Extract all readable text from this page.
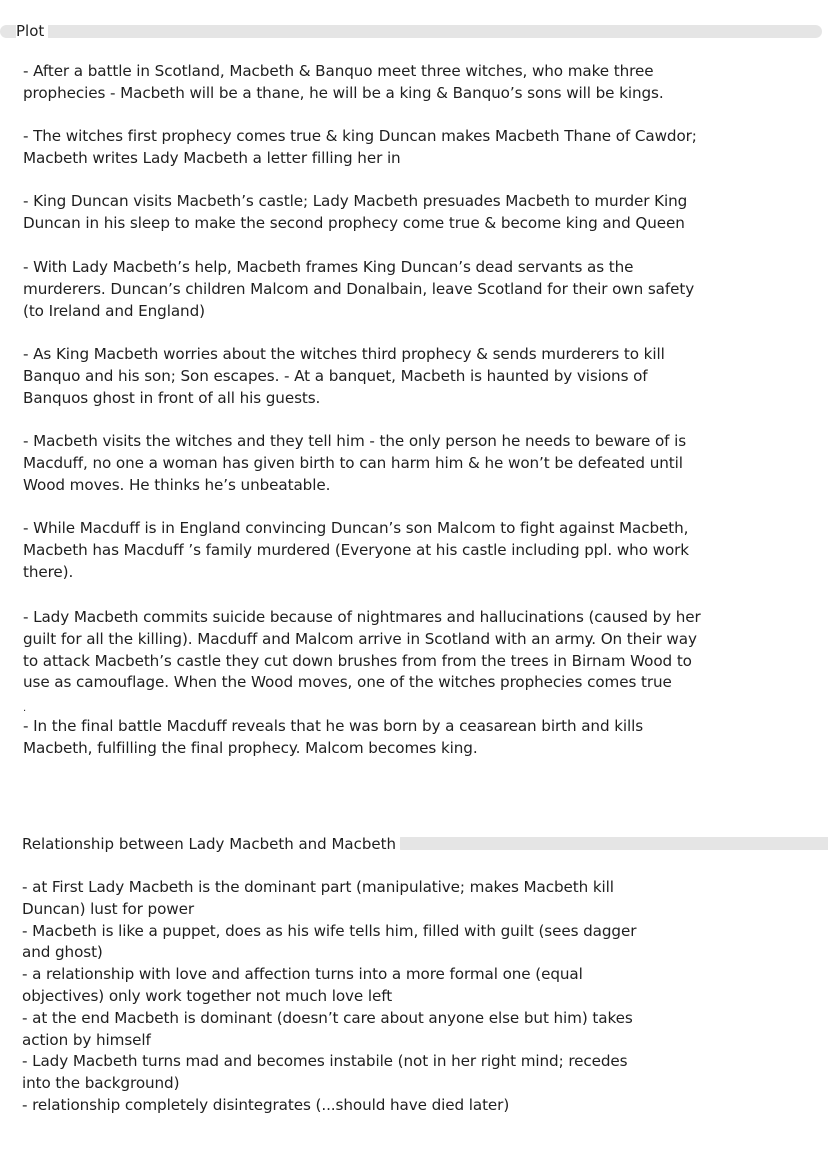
Plot
- After a battle in Scotland, Macbeth & Banquo meet three witches, who make three
prophecies - Macbeth will be a thane, he will be a king & Banquo’s sons will be kings.
- The witches first prophecy comes true & king Duncan makes Macbeth Thane of Cawdor;
Macbeth writes Lady Macbeth a letter filling her in
- King Duncan visits Macbeth’s castle; Lady Macbeth presuades Macbeth to murder King
Duncan in his sleep to make the second prophecy come true & become king and Queen
- With Lady Macbeth’s help, Macbeth frames King Duncan’s dead servants as the
murderers. Duncan’s children Malcom and Donalbain, leave Scotland for their own safety
(to Ireland and England)
- As King Macbeth worries about the witches third prophecy & sends murderers to kill
Banquo and his son; Son escapes. - At a banquet, Macbeth is haunted by visions of
Banquos ghost in front of all his guests.
- Macbeth visits the witches and they tell him - the only person he needs to beware of is
Macduff, no one a woman has given birth to can harm him & he won’t be defeated until
Wood moves. He thinks he’s unbeatable.
- While Macduff is in England convincing Duncan’s son Malcom to fight against Macbeth,
Macbeth has Macduff ’s family murdered (Everyone at his castle including ppl. who work
there).
- Lady Macbeth commits suicide because of nightmares and hallucinations (caused by her
guilt for all the killing). Macduff and Malcom arrive in Scotland with an army. On their way
to attack Macbeth’s castle they cut down brushes from from the trees in Birnam Wood to
use as camouflage. When the Wood moves, one of the witches prophecies comes true
.
- In the final battle Macduff reveals that he was born by a ceasarean birth and kills
Macbeth, fulfilling the final prophecy. Malcom becomes king.
Relationship between Lady Macbeth and Macbeth
- at First Lady Macbeth is the dominant part (manipulative; makes Macbeth kill
Duncan) lust for power
- Macbeth is like a puppet, does as his wife tells him, filled with guilt (sees dagger
and ghost)
- a relationship with love and affection turns into a more formal one (equal
objectives) only work together not much love left
- at the end Macbeth is dominant (doesn’t care about anyone else but him) takes
action by himself
- Lady Macbeth turns mad and becomes instabile (not in her right mind; recedes
into the background)
- relationship completely disintegrates (...should have died later)
